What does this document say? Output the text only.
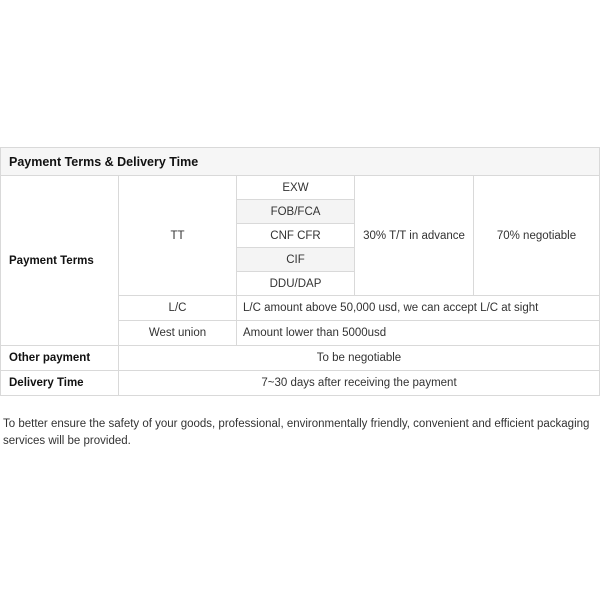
Payment Terms & Delivery Time				
Payment Terms	TT	EXW	30% T/T in advance	70% negotiable
		FOB/FCA		
		CNF CFR		
		CIF		
		DDU/DAP		
	L/C	L/C amount above 50,000 usd, we can accept L/C at sight		
	West union	Amount lower than 5000usd		
Other payment	To be negotiable			
Delivery Time	7~30 days after receiving the payment			

To better ensure the safety of your goods, professional, environmentally friendly, convenient and efficient packaging services will be provided.
